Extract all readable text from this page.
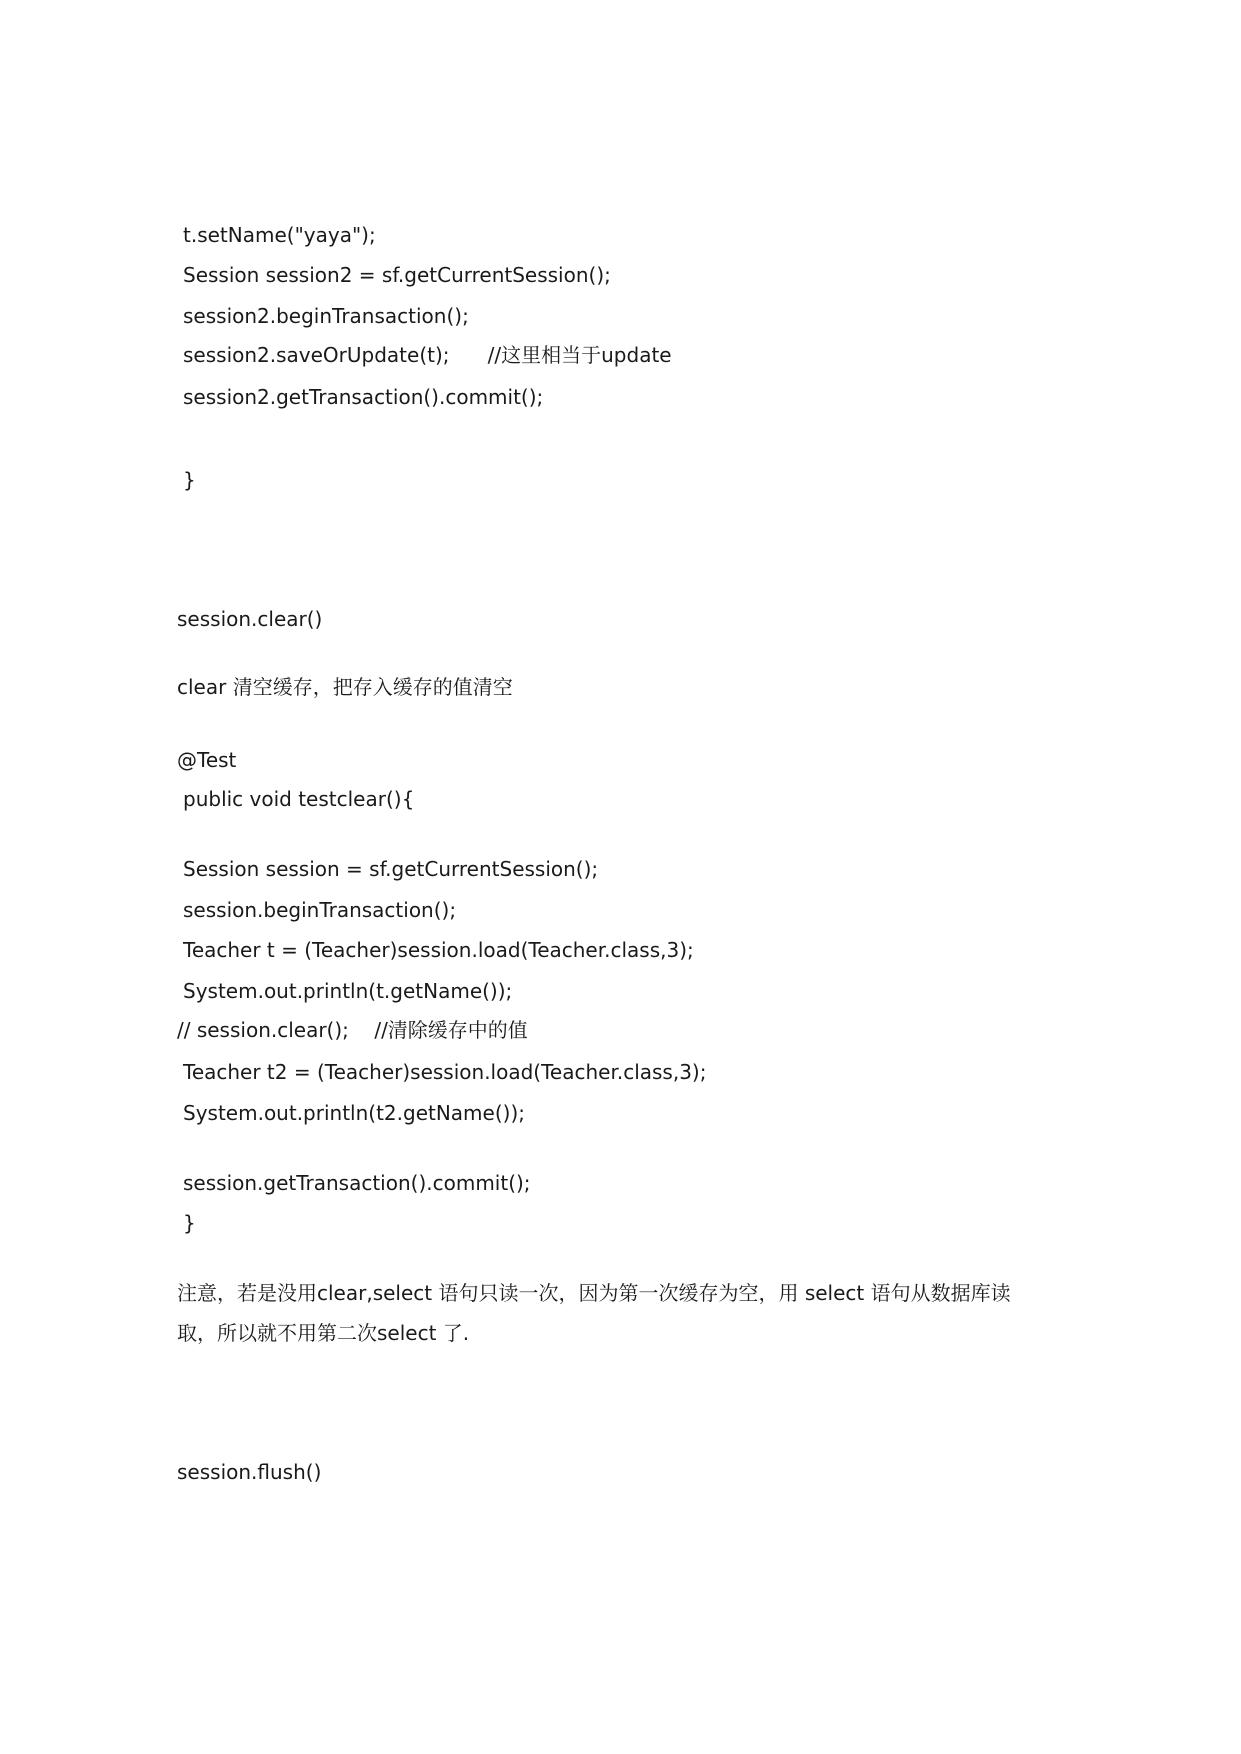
t.setName("yaya");
Session session2 = sf.getCurrentSession();
session2.beginTransaction();
session2.saveOrUpdate(t);      //这里相当于update
session2.getTransaction().commit();
}
session.clear()
clear 清空缓存，把存入缓存的值清空
@Test
public void testclear(){
Session session = sf.getCurrentSession();
session.beginTransaction();
Teacher t = (Teacher)session.load(Teacher.class,3);
System.out.println(t.getName());
// session.clear();    //清除缓存中的值
Teacher t2 = (Teacher)session.load(Teacher.class,3);
System.out.println(t2.getName());
session.getTransaction().commit();
}
注意，若是没用clear,select 语句只读一次，因为第一次缓存为空，用 select 语句从数据库读
取，所以就不用第二次select 了.
session.flush()
